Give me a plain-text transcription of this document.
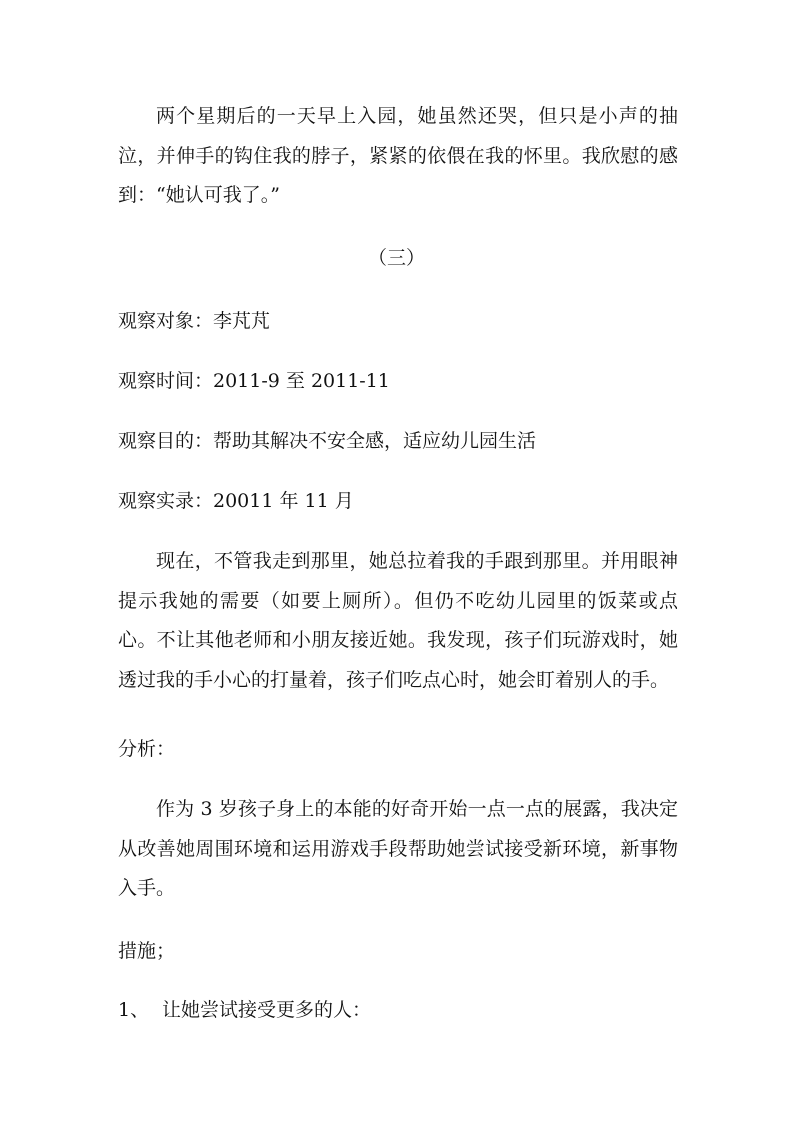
两个星期后的一天早上入园，她虽然还哭，但只是小声的抽泣，并伸手的钩住我的脖子，紧紧的依偎在我的怀里。我欣慰的感到：“她认可我了。”

（三）

观察对象：李芃芃

观察时间：2011-9 至 2011-11

观察目的：帮助其解决不安全感，适应幼儿园生活

观察实录：20011 年 11 月

现在，不管我走到那里，她总拉着我的手跟到那里。并用眼神提示我她的需要（如要上厕所）。但仍不吃幼儿园里的饭菜或点心。不让其他老师和小朋友接近她。我发现，孩子们玩游戏时，她透过我的手小心的打量着，孩子们吃点心时，她会盯着别人的手。

分析：

作为 3 岁孩子身上的本能的好奇开始一点一点的展露，我决定从改善她周围环境和运用游戏手段帮助她尝试接受新环境，新事物入手。

措施；

1、 让她尝试接受更多的人：
